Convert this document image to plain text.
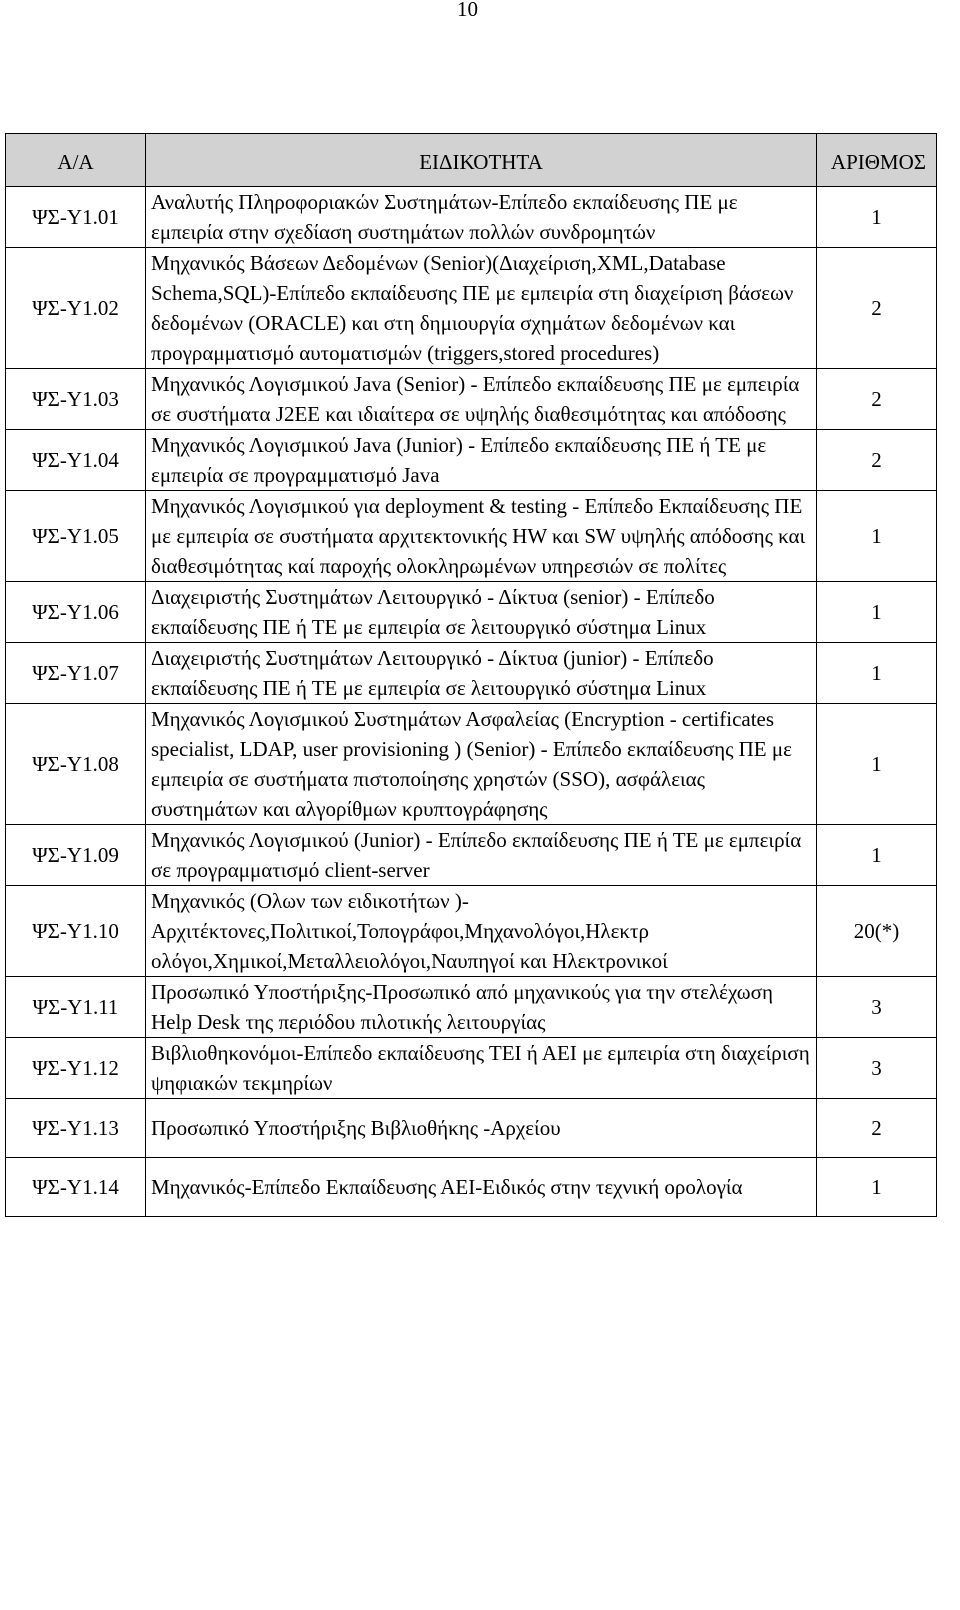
10
Α/Α	ΕΙΔΙΚΟΤΗΤΑ	ΑΡΙΘΜΟΣ
ΨΣ-Υ1.01	Αναλυτής Πληροφοριακών Συστημάτων-Επίπεδο εκπαίδευσης ΠΕ με εμπειρία στην σχεδίαση συστημάτων πολλών συνδρομητών	1
ΨΣ-Υ1.02	Μηχανικός Βάσεων Δεδομένων (Senior)(Διαχείριση,XML,Database Schema,SQL)-Επίπεδο εκπαίδευσης ΠΕ με εμπειρία στη διαχείριση βάσεων δεδομένων (ORACLE) και στη δημιουργία σχημάτων δεδομένων και προγραμματισμό αυτοματισμών (triggers,stored procedures)	2
ΨΣ-Υ1.03	Μηχανικός Λογισμικού Java (Senior) - Επίπεδο εκπαίδευσης ΠΕ με εμπειρία σε συστήματα J2EE και ιδιαίτερα σε υψηλής διαθεσιμότητας και απόδοσης	2
ΨΣ-Υ1.04	Μηχανικός Λογισμικού Java (Junior) - Επίπεδο εκπαίδευσης ΠΕ ή ΤΕ με εμπειρία σε προγραμματισμό Java	2
ΨΣ-Υ1.05	Μηχανικός Λογισμικού για deployment & testing - Επίπεδο Εκπαίδευσης ΠΕ με εμπειρία σε συστήματα αρχιτεκτονικής HW και SW υψηλής απόδοσης και διαθεσιμότητας καί παροχής ολοκληρωμένων υπηρεσιών σε πολίτες	1
ΨΣ-Υ1.06	Διαχειριστής Συστημάτων Λειτουργικό - Δίκτυα (senior) - Επίπεδο εκπαίδευσης ΠΕ ή ΤΕ με εμπειρία σε λειτουργικό σύστημα Linux	1
ΨΣ-Υ1.07	Διαχειριστής Συστημάτων Λειτουργικό - Δίκτυα (junior) - Επίπεδο εκπαίδευσης ΠΕ ή ΤΕ με εμπειρία σε λειτουργικό σύστημα Linux	1
ΨΣ-Υ1.08	Μηχανικός Λογισμικού Συστημάτων Ασφαλείας (Encryption - certificates specialist, LDAP, user provisioning ) (Senior) - Επίπεδο εκπαίδευσης ΠΕ με εμπειρία σε συστήματα πιστοποίησης χρηστών (SSO), ασφάλειας συστημάτων και αλγορίθμων κρυπτογράφησης	1
ΨΣ-Υ1.09	Μηχανικός Λογισμικού (Junior) - Επίπεδο εκπαίδευσης ΠΕ ή ΤΕ με εμπειρία σε προγραμματισμό client-server	1
ΨΣ-Υ1.10	Μηχανικός (Ολων των ειδικοτήτων )- Αρχιτέκτονες,Πολιτικοί,Τοπογράφοι,Μηχανολόγοι,Ηλεκτρ ολόγοι,Χημικοί,Μεταλλειολόγοι,Ναυπηγοί και Ηλεκτρονικοί	20(*)
ΨΣ-Υ1.11	Προσωπικό Υποστήριξης-Προσωπικό από μηχανικούς για την στελέχωση Help Desk της περιόδου πιλοτικής λειτουργίας	3
ΨΣ-Υ1.12	Βιβλιοθηκονόμοι-Επίπεδο εκπαίδευσης ΤΕΙ ή ΑΕΙ με εμπειρία στη διαχείριση ψηφιακών τεκμηρίων	3
ΨΣ-Υ1.13	Προσωπικό Υποστήριξης Βιβλιοθήκης -Αρχείου	2
ΨΣ-Υ1.14	Μηχανικός-Επίπεδο Εκπαίδευσης ΑΕΙ-Ειδικός στην τεχνική ορολογία	1
